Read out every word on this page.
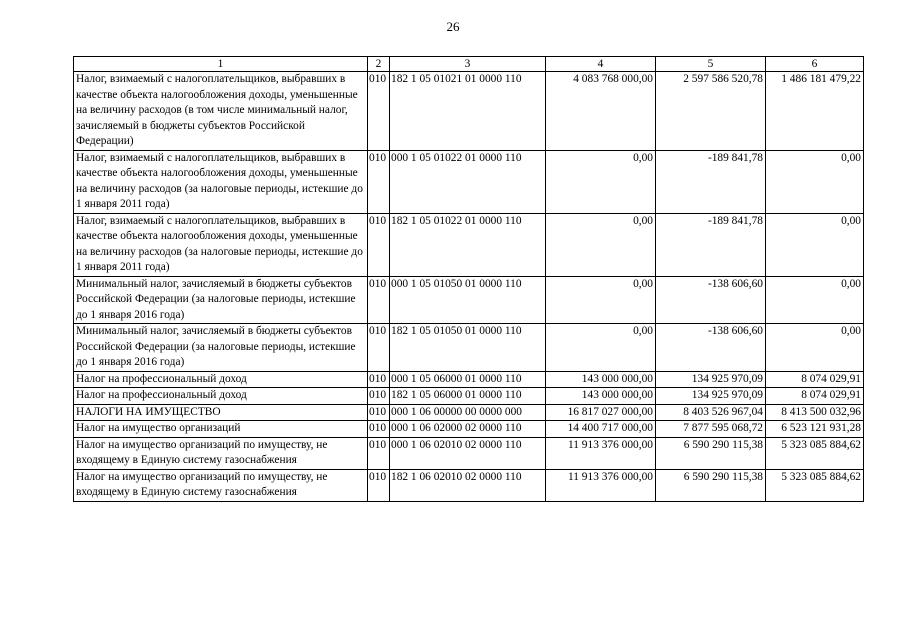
26
1	2	3	4	5	6
Налог, взимаемый с налогоплательщиков, выбравших в качестве объекта налогообложения доходы, уменьшенные на величину расходов (в том числе минимальный налог, зачисляемый в бюджеты субъектов Российской Федерации)	010	182 1 05 01021 01 0000 110	4 083 768 000,00	2 597 586 520,78	1 486 181 479,22
Налог, взимаемый с налогоплательщиков, выбравших в качестве объекта налогообложения доходы, уменьшенные на величину расходов (за налоговые периоды, истекшие до 1 января 2011 года)	010	000 1 05 01022 01 0000 110	0,00	-189 841,78	0,00
Налог, взимаемый с налогоплательщиков, выбравших в качестве объекта налогообложения доходы, уменьшенные на величину расходов (за налоговые периоды, истекшие до 1 января 2011 года)	010	182 1 05 01022 01 0000 110	0,00	-189 841,78	0,00
Минимальный налог, зачисляемый в бюджеты субъектов Российской Федерации (за налоговые периоды, истекшие до 1 января 2016 года)	010	000 1 05 01050 01 0000 110	0,00	-138 606,60	0,00
Минимальный налог, зачисляемый в бюджеты субъектов Российской Федерации (за налоговые периоды, истекшие до 1 января 2016 года)	010	182 1 05 01050 01 0000 110	0,00	-138 606,60	0,00
Налог на профессиональный доход	010	000 1 05 06000 01 0000 110	143 000 000,00	134 925 970,09	8 074 029,91
Налог на профессиональный доход	010	182 1 05 06000 01 0000 110	143 000 000,00	134 925 970,09	8 074 029,91
НАЛОГИ НА ИМУЩЕСТВО	010	000 1 06 00000 00 0000 000	16 817 027 000,00	8 403 526 967,04	8 413 500 032,96
Налог на имущество организаций	010	000 1 06 02000 02 0000 110	14 400 717 000,00	7 877 595 068,72	6 523 121 931,28
Налог на имущество организаций по имуществу, не входящему в Единую систему газоснабжения	010	000 1 06 02010 02 0000 110	11 913 376 000,00	6 590 290 115,38	5 323 085 884,62
Налог на имущество организаций по имуществу, не входящему в Единую систему газоснабжения	010	182 1 06 02010 02 0000 110	11 913 376 000,00	6 590 290 115,38	5 323 085 884,62
